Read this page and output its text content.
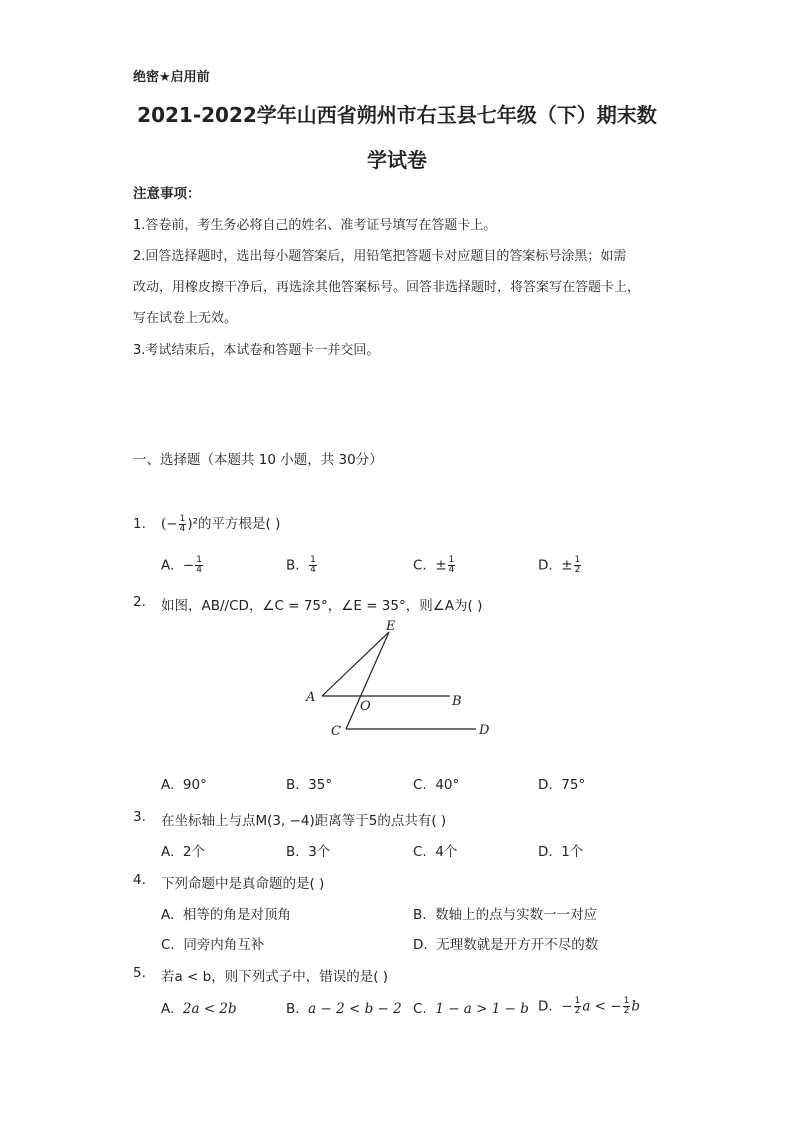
绝密★启用前
2021-2022学年山西省朔州市右玉县七年级（下）期末数
学试卷
注意事项：
1.答卷前，考生务必将自己的姓名、准考证号填写在答题卡上。
2.回答选择题时，选出每小题答案后，用铅笔把答题卡对应题目的答案标号涂黑；如需
改动，用橡皮擦干净后，再选涂其他答案标号。回答非选择题时，将答案写在答题卡上，
写在试卷上无效。
3.考试结束后，本试卷和答题卡一并交回。
一、选择题（本题共 10 小题，共 30分）
1. (− $\frac{1}{4} )^2$的平方根是( )
A. − $\frac{1}{4}$	B. $\frac{1}{4}$	C. ± $\frac{1}{4}$	D. ± $\frac{1}{2}$
2. 如图，AB//CD，∠C = 75°，∠E = 35°，则∠A为( )
E
A	B
O
C	D
A. 90°	B. 35°	C. 40°	D. 75°
3. 在坐标轴上与点M(3, −4)距离等于5的点共有( )
A. 2个	B. 3个	C. 4个	D. 1个
4. 下列命题中是真命题的是( )
A. 相等的角是对顶角	B. 数轴上的点与实数一一对应
C. 同旁内角互补	D. 无理数就是开方开不尽的数
5. 若a < b，则下列式子中，错误的是( )
A. 2a < 2b	B. a − 2 < b − 2 C. 1 − a > 1 − b D. − $\frac{1}{2}$ a < − $\frac{1}{2}$ b
